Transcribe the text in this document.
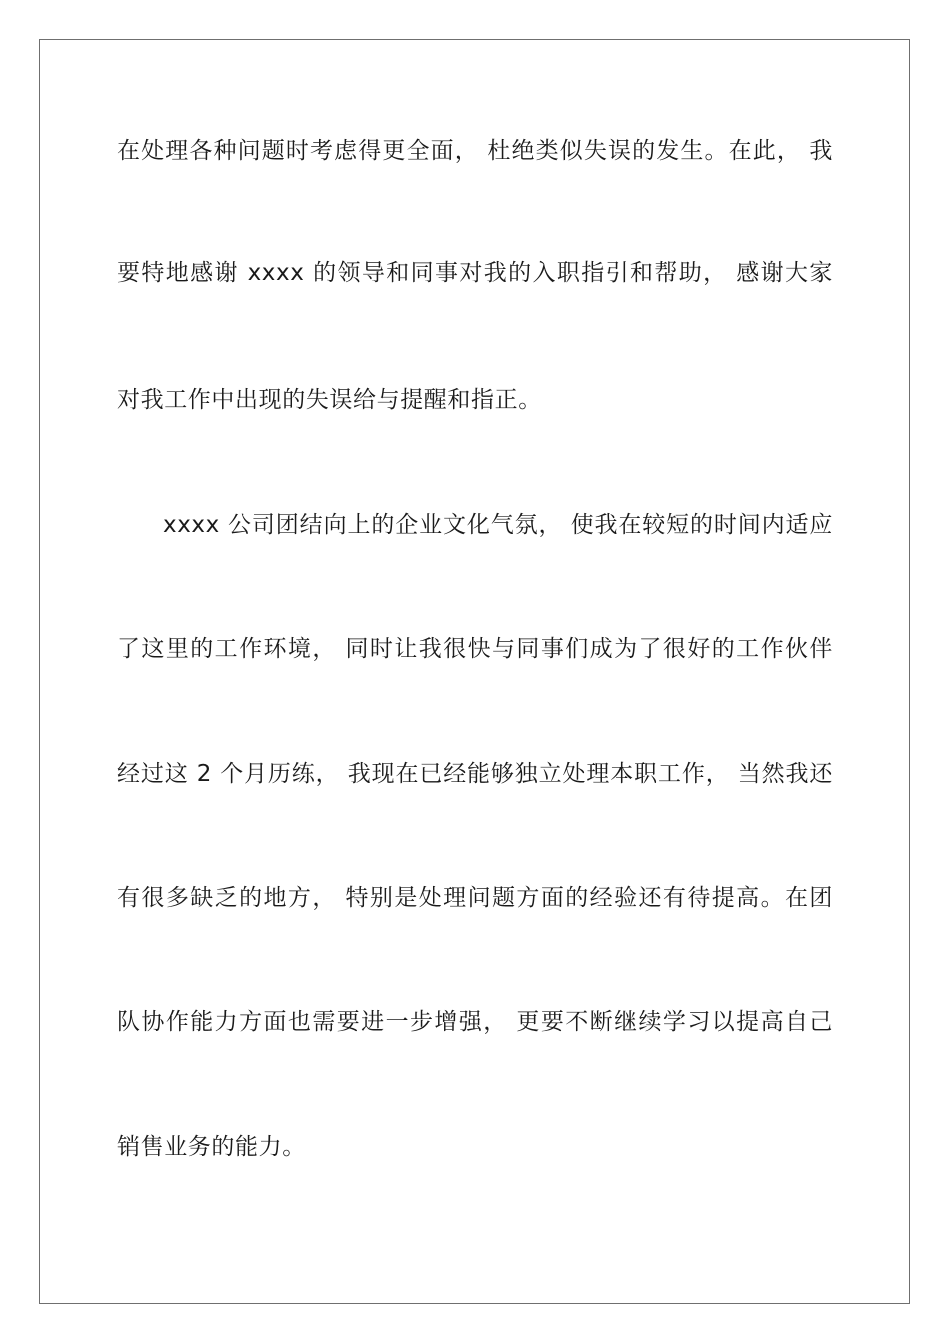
在处理各种问题时考虑得更全面， 杜绝类似失误的发生。在此， 我
要特地感谢 xxxx 的领导和同事对我的入职指引和帮助， 感谢大家
对我工作中出现的失误给与提醒和指正。
xxxx 公司团结向上的企业文化气氛， 使我在较短的时间内适应
了这里的工作环境， 同时让我很快与同事们成为了很好的工作伙伴
经过这 2 个月历练， 我现在已经能够独立处理本职工作， 当然我还
有很多缺乏的地方， 特别是处理问题方面的经验还有待提高。在团
队协作能力方面也需要进一步增强， 更要不断继续学习以提高自己
销售业务的能力。
